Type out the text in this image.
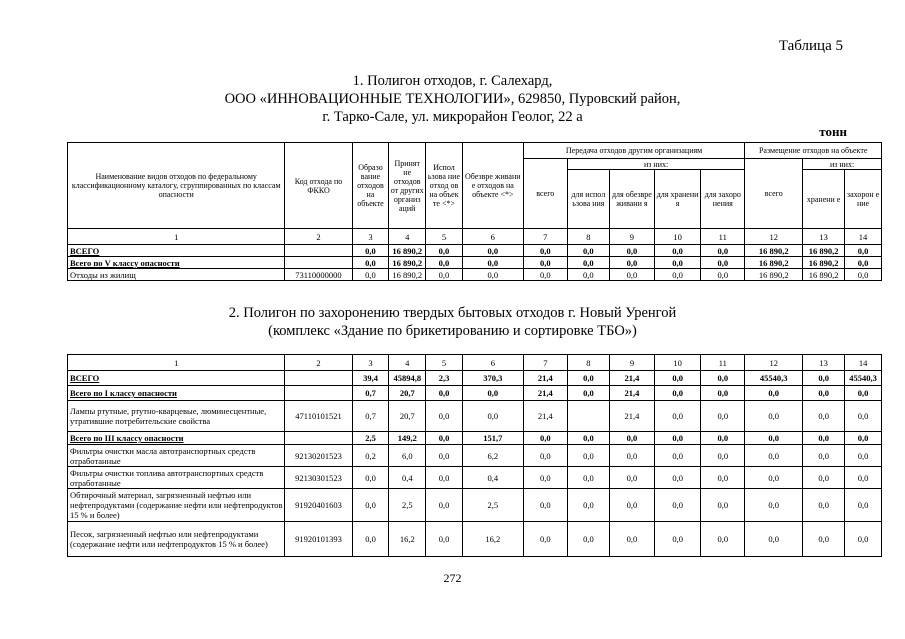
Таблица 5
1. Полигон отходов, г. Салехард,
ООО «ИННОВАЦИОННЫЕ ТЕХНОЛОГИИ», 629850, Пуровский район,
г. Тарко-Сале, ул. микрорайон Геолог, 22 а
тонн
Наименование видов отходов по федеральному классификационному каталогу, сгруппированных по классам опасности	Код отхода по ФККО	Образо вание отходов на объекте	Принят не отходов от других организ аций	Испол ьзова ние отход ов на объек те <*>	Обезвре живани е отходов на объекте <*>	Передача отходов другим организациям					Размещение отходов на объекте		
						всего	из них:				всего	из них:	
							для испол ьзова ния	для обезвре живани я	для хранени я	для захоро нения		хранени е	захорон е ние
1	2	3	4	5	6	7	8	9	10	11	12	13	14
ВСЕГО		0,0	16 890,2	0,0	0,0	0,0	0,0	0,0	0,0	0,0	16 890,2	16 890,2	0,0
Всего по V классу опасности		0,0	16 890,2	0,0	0,0	0,0	0,0	0,0	0,0	0,0	16 890,2	16 890,2	0,0
Отходы из жилищ	73110000000	0,0	16 890,2	0,0	0,0	0,0	0,0	0,0	0,0	0,0	16 890,2	16 890,2	0,0
2. Полигон по захоронению твердых бытовых отходов г. Новый Уренгой
(комплекс «Здание по брикетированию и сортировке ТБО»)
1	2	3	4	5	6	7	8	9	10	11	12	13	14
ВСЕГО		39,4	45894,8	2,3	370,3	21,4	0,0	21,4	0,0	0,0	45540,3	0,0	45540,3
Всего по I классу опасности		0,7	20,7	0,0	0,0	21,4	0,0	21,4	0,0	0,0	0,0	0,0	0,0
Лампы ртутные, ртутно-кварцевые, люминесцентные, утратившие потребительские свойства	47110101521	0,7	20,7	0,0	0,0	21,4		21,4	0,0	0,0	0,0	0,0	0,0
Всего по III классу опасности		2,5	149,2	0,0	151,7	0,0	0,0	0,0	0,0	0,0	0,0	0,0	0,0
Фильтры очистки масла автотранспортных средств отработанные	92130201523	0,2	6,0	0,0	6,2	0,0	0,0	0,0	0,0	0,0	0,0	0,0	0,0
Фильтры очистки топлива автотранспортных средств отработанные	92130301523	0,0	0,4	0,0	0,4	0,0	0,0	0,0	0,0	0,0	0,0	0,0	0,0
Обтирочный материал, загрязненный нефтью или нефтепродуктами (содержание нефти или нефтепродуктов 15 % и более)	91920401603	0,0	2,5	0,0	2,5	0,0	0,0	0,0	0,0	0,0	0,0	0,0	0,0
Песок, загрязненный нефтью или нефтепродуктами (содержание нефти или нефтепродуктов 15 % и более)	91920101393	0,0	16,2	0,0	16,2	0,0	0,0	0,0	0,0	0,0	0,0	0,0	0,0
272
